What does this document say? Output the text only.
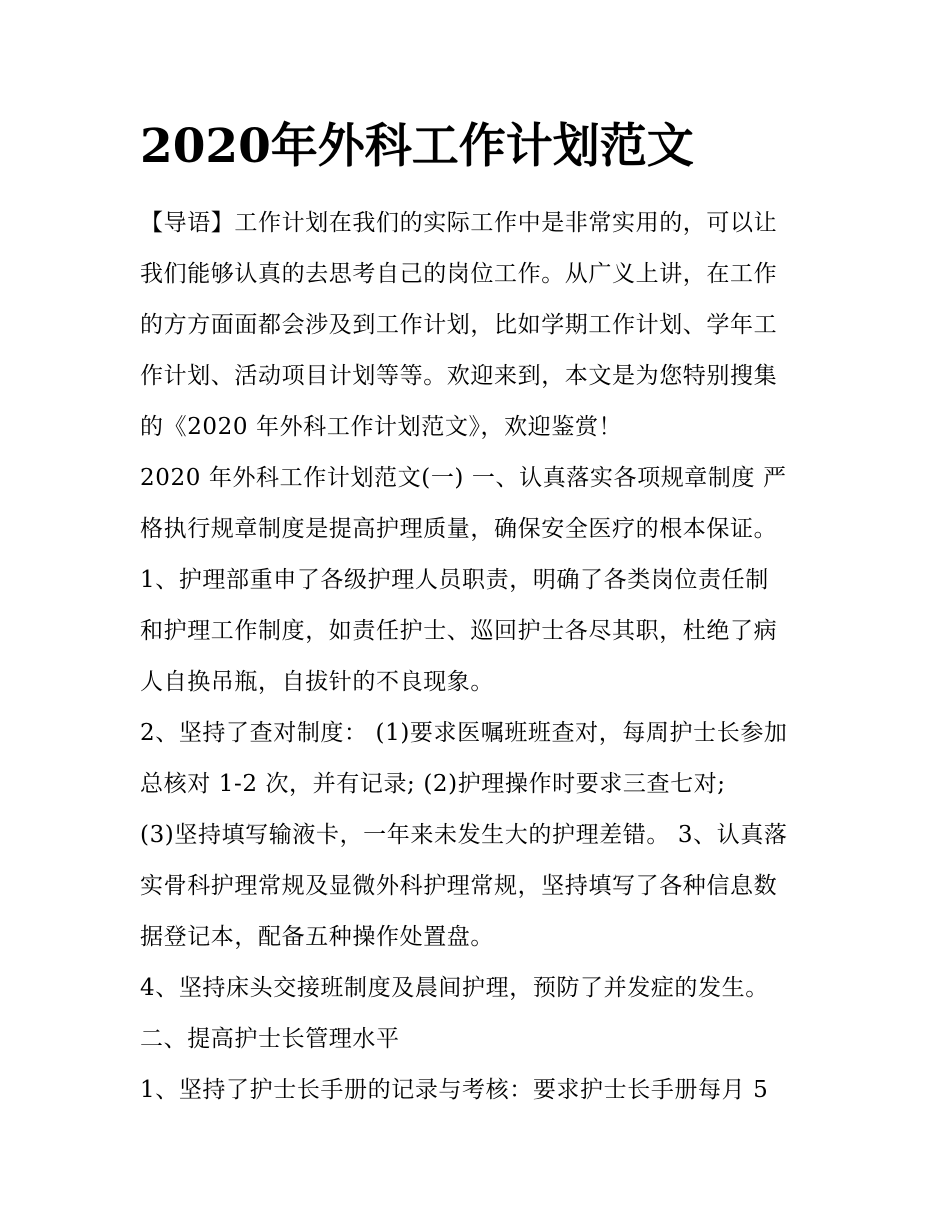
2020年外科工作计划范文
【导语】工作计划在我们的实际工作中是非常实用的，可以让
我们能够认真的去思考自己的岗位工作。从广义上讲，在工作
的方方面面都会涉及到工作计划，比如学期工作计划、学年工
作计划、活动项目计划等等。欢迎来到，本文是为您特别搜集
的《2020 年外科工作计划范文》，欢迎鉴赏！
2020 年外科工作计划范文(一) 一、认真落实各项规章制度 严
格执行规章制度是提高护理质量，确保安全医疗的根本保证。
1、护理部重申了各级护理人员职责，明确了各类岗位责任制
和护理工作制度，如责任护士、巡回护士各尽其职，杜绝了病
人自换吊瓶，自拔针的不良现象。
2、坚持了查对制度： (1)要求医嘱班班查对，每周护士长参加
总核对 1-2 次，并有记录; (2)护理操作时要求三查七对;
(3)坚持填写输液卡，一年来未发生大的护理差错。 3、认真落
实骨科护理常规及显微外科护理常规，坚持填写了各种信息数
据登记本，配备五种操作处置盘。
4、坚持床头交接班制度及晨间护理，预防了并发症的发生。
二、提高护士长管理水平
1、坚持了护士长手册的记录与考核：要求护士长手册每月 5
